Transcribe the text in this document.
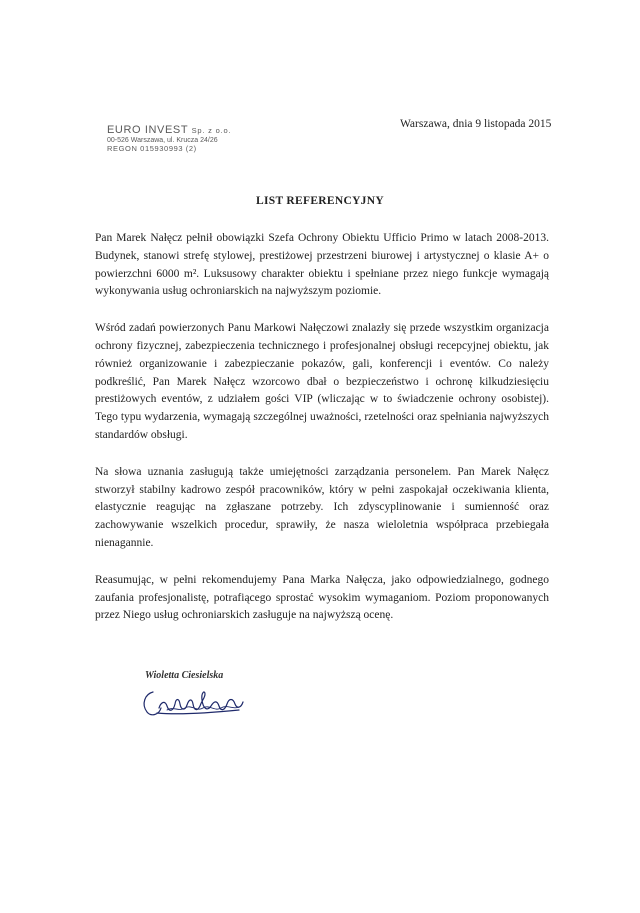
EURO INVEST Sp. z o.o.
00-526 Warszawa, ul. Krucza 24/26
REGON 015930993 (2)
Warszawa, dnia 9 listopada 2015
LIST REFERENCYJNY

Pan Marek Nałęcz pełnił obowiązki Szefa Ochrony Obiektu Ufficio Primo w latach 2008-2013. Budynek, stanowi strefę stylowej, prestiżowej przestrzeni biurowej i artystycznej o klasie A+ o powierzchni 6000 m². Luksusowy charakter obiektu i spełniane przez niego funkcje wymagają wykonywania usług ochroniarskich na najwyższym poziomie.

Wśród zadań powierzonych Panu Markowi Nałęczowi znalazły się przede wszystkim organizacja ochrony fizycznej, zabezpieczenia technicznego i profesjonalnej obsługi recepcyjnej obiektu, jak również organizowanie i zabezpieczanie pokazów, gali, konferencji i eventów. Co należy podkreślić, Pan Marek Nałęcz wzorcowo dbał o bezpieczeństwo i ochronę kilkudziesięciu prestiżowych eventów, z udziałem gości VIP (wliczając w to świadczenie ochrony osobistej). Tego typu wydarzenia, wymagają szczególnej uważności, rzetelności oraz spełniania najwyższych standardów obsługi.

Na słowa uznania zasługują także umiejętności zarządzania personelem. Pan Marek Nałęcz stworzył stabilny kadrowo zespół pracowników, który w pełni zaspokajał oczekiwania klienta, elastycznie reagując na zgłaszane potrzeby. Ich zdyscyplinowanie i sumienność oraz zachowywanie wszelkich procedur, sprawiły, że nasza wieloletnia współpraca przebiegała nienagannie.

Reasumując, w pełni rekomendujemy Pana Marka Nałęcza, jako odpowiedzialnego, godnego zaufania profesjonalistę, potrafiącego sprostać wysokim wymaganiom. Poziom proponowanych przez Niego usług ochroniarskich zasługuje na najwyższą ocenę.

Wioletta Ciesielska
